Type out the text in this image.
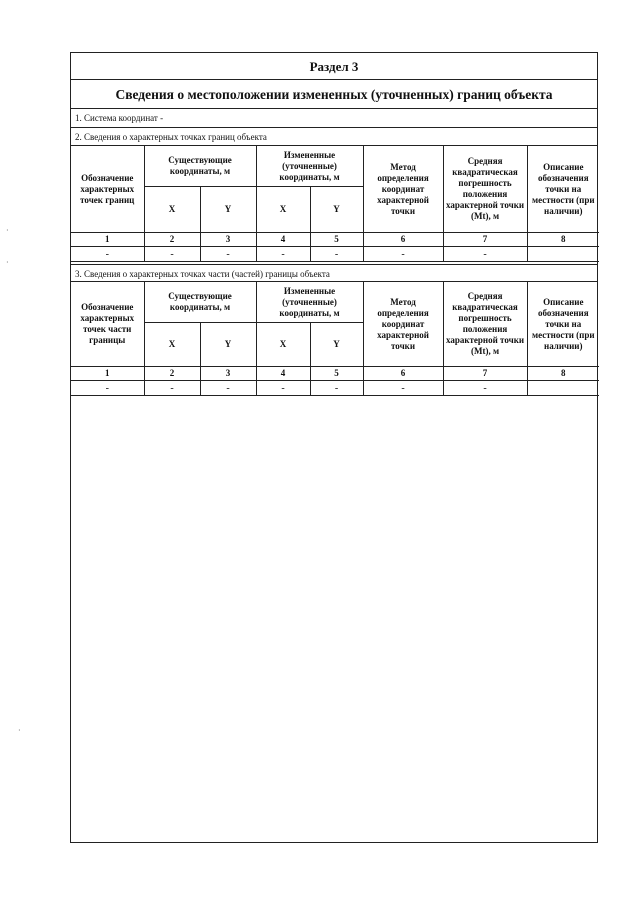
·
·
·
Раздел 3
Сведения о местоположении измененных (уточненных) границ объекта
1. Система координат -
2. Сведения о характерных точках границ объекта
Обозначение характерных точек границ	Существующие координаты, м		Измененные (уточненные) координаты, м		Метод определения координат характерной точки	Средняя квадратическая погрешность положения характерной точки (Mt), м	Описание обозначения точки на местности (при наличии)
	X	Y	X	Y			
1	2	3	4	5	6	7	8
-	-	-	-	-	-	-	
3. Сведения о характерных точках части (частей) границы объекта
Обозначение характерных точек части границы	Существующие координаты, м		Измененные (уточненные) координаты, м		Метод определения координат характерной точки	Средняя квадратическая погрешность положения характерной точки (Mt), м	Описание обозначения точки на местности (при наличии)
	X	Y	X	Y			
1	2	3	4	5	6	7	8
-	-	-	-	-	-	-	
